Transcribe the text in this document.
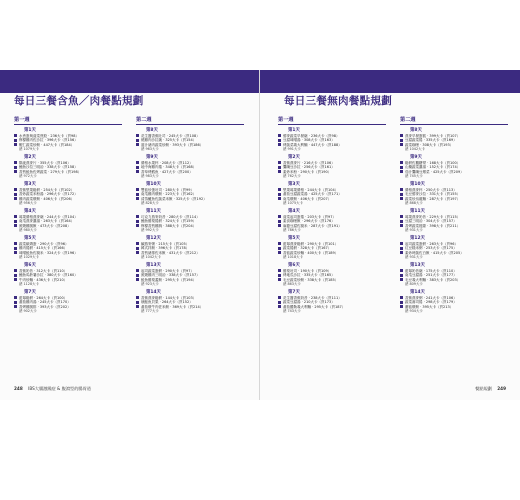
每日三餐含魚／肉餐點規劃
第一週
第1天
水煮蛋與菠菜煎餃 · 236大卡（頁98）
檸檬雞肉佐沙拉 · 396大卡（頁156）
蝦仁蔬菜炒飯 · 447大卡（頁184）
總 1079大卡
第2天
隔夜燕麥片 · 355大卡（頁106）
鮪魚沙拉三明治 · 338大卡（頁158）
香煎鮭魚佐烤蔬菜 · 279大卡（頁198）
總 972大卡
第3天
香蕉堅果鬆餅 · 254大卡（頁102）
香炒蔬菜米粉湯 · 296大卡（頁172）
雞肉蔬菜燉飯 · 406大卡（頁206）
總 956大卡
第4天
莓果優格燕麥碗 · 244大卡（頁104）
南瓜燕麥濃湯 · 263大卡（頁164）
照燒雞腿飯 · 473大卡（頁208）
總 980大卡
第5天
蔬菜歐姆蛋 · 290大卡（頁96）
雞肉捲餅 · 415大卡（頁166）
味噌鮭魚佐糙米 · 324大卡（頁196）
總 1029大卡
第6天
香蕉奶昔 · 312大卡（頁110）
鮪魚馬鈴薯沙拉 · 380大卡（頁160）
牛肉炒麵 · 436大卡（頁210）
總 1128大卡
第7天
藍莓鬆餅 · 264大卡（頁100）
番茄雞肉湯 · 245大卡（頁170）
香烤雞腿排 · 393大卡（頁202）
總 902大卡
第二週
第8天
花生醬香蕉吐司 · 245大卡（頁108）
燒雞肉沙拉碗 · 325大卡（頁154）
薑汁豬肉蔬菜炒飯 · 393大卡（頁186）
總 963大卡
第9天
優格水果杯 · 208大卡（頁112）
地中海雞肉捲 · 348大卡（頁168）
香草烤鱈魚 · 427大卡（頁200）
總 983大卡
第10天
雙菇炒蛋吐司 · 280大卡（頁99）
南瓜雞肉燉飯 · 223大卡（頁162）
清蒸鱸魚佐蔬菜米飯 · 325大卡（頁192）
總 828大卡
第11天
巧克力燕麥奶昔 · 280大卡（頁114）
鮪魚酪梨捲餅 · 324大卡（頁159）
檸檬香煎雞胸 · 388大卡（頁204）
總 992大卡
第12天
鹹燕麥粥 · 215大卡（頁105）
韓式拌飯 · 396大卡（頁178）
香煎豬排佐米飯 · 431大卡（頁212）
總 1042大卡
第13天
起司蔬菜蛋餅 · 290大卡（頁97）
照燒雞肉三明治 · 338大卡（頁157）
鮭魚酪梨蓋飯 · 295大卡（頁194）
總 923大卡
第14天
香蕉燕麥鬆餅 · 144大卡（頁103）
燻鮭魚貝果 · 264大卡（頁152）
番茄燉牛肉佐米飯 · 369大卡（頁214）
總 777大卡
248 IBS大腸激躁症 & 腹瀉型的腸胃道
每日三餐無肉餐點規劃
第一週
第1天
藜麥蔬菜早餐碗 · 236大卡（頁98）
豆腐味噌湯 · 308大卡（頁163）
烤蔬菜義大利麵 · 447大卡（頁188）
總 991大卡
第2天
香蕉燕麥片 · 216大卡（頁106）
鷹嘴豆沙拉 · 256大卡（頁161）
素炒米粉 · 290大卡（頁190）
總 762大卡
第3天
堅果莓果優格 · 244大卡（頁104）
番茄豆腐蔬菜湯 · 425大卡（頁171）
南瓜燉飯 · 406大卡（頁207）
總 1075大卡
第4天
菠菜起司蛋捲 · 203大卡（頁97）
素食咖哩飯 · 296大卡（頁176）
麻婆豆腐佐糙米 · 287大卡（頁191）
總 786大卡
第5天
藍莓燕麥鬆餅 · 290大卡（頁101）
蔬菜捲餅 · 328大卡（頁167）
香菇蔬菜炒麵 · 400大卡（頁189）
總 1018大卡
第6天
酪梨吐司 · 190大卡（頁109）
烤地瓜沙拉 · 335大卡（頁165）
毛豆蔬菜炒飯 · 338大卡（頁185）
總 863大卡
第7天
花生醬香蕉奶昔 · 238大卡（頁111）
蔬菜豆腐湯 · 210大卡（頁173）
番茄羅勒義大利麵 · 295大卡（頁187）
總 743大卡
第二週
第8天
燕麥早餐蛋糕 · 399大卡（頁107）
豆腐蔬菜捲 · 335大卡（頁169）
蔬菜咖哩 · 308大卡（頁193）
總 1042大卡
第9天
鬆餅佐楓糖漿 · 168大卡（頁100）
山藥蔬菜濃湯 · 152大卡（頁174）
茄汁鷹嘴豆燉菜 · 425大卡（頁209）
總 745大卡
第10天
優格燕麥杯 · 250大卡（頁113）
毛豆藜麥沙拉 · 331大卡（頁155）
蔬菜炒烏龍麵 · 287大卡（頁197）
總 868大卡
第11天
莓果燕麥奶昔 · 229大卡（頁115）
豆腐三明治 · 304大卡（頁157）
香烤蔬菜披薩 · 398大卡（頁211）
總 931大卡
第12天
起司蔬菜蛋餅 · 263大卡（頁96）
紅豆糙米粥 · 253大卡（頁175）
素炒時蔬佐白飯 · 415大卡（頁205）
總 931大卡
第13天
藍莓奶昔碗 · 175大卡（頁110）
南瓜豆腐湯 · 251大卡（頁177）
毛豆義大利麵 · 383大卡（頁203）
總 809大卡
第14天
香蕉燕麥粥 · 241大卡（頁106）
蔬菜壽司捲 · 298大卡（頁179）
蘑菇燉飯 · 395大卡（頁213）
總 934大卡
餐點規劃 249
